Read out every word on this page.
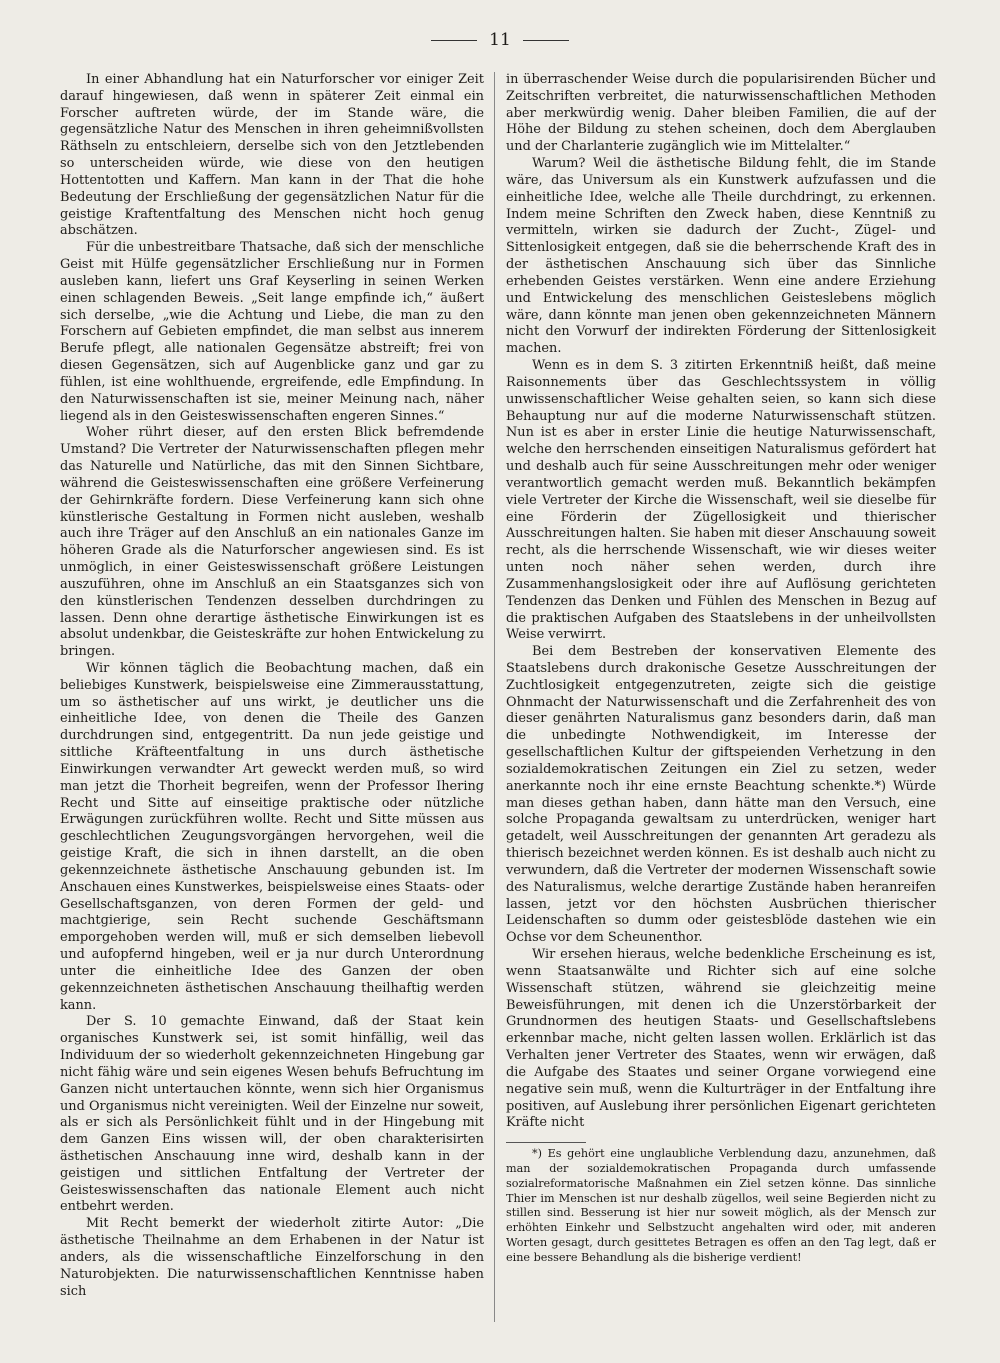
11

In einer Abhandlung hat ein Naturforscher vor einiger Zeit darauf hingewiesen, daß wenn in späterer Zeit einmal ein Forscher auftreten würde, der im Stande wäre, die gegensätzliche Natur des Menschen in ihren geheimnißvollsten Räthseln zu entschleiern, derselbe sich von den Jetztlebenden so unterscheiden würde, wie diese von den heutigen Hottentotten und Kaffern. Man kann in der That die hohe Bedeutung der Erschließung der gegensätzlichen Natur für die geistige Kraftentfaltung des Menschen nicht hoch genug abschätzen.

Für die unbestreitbare Thatsache, daß sich der menschliche Geist mit Hülfe gegensätzlicher Erschließung nur in Formen ausleben kann, liefert uns Graf Keyserling in seinen Werken einen schlagenden Beweis. „Seit lange empfinde ich,“ äußert sich derselbe, „wie die Achtung und Liebe, die man zu den Forschern auf Gebieten empfindet, die man selbst aus innerem Berufe pflegt, alle nationalen Gegensätze abstreift; frei von diesen Gegensätzen, sich auf Augenblicke ganz und gar zu fühlen, ist eine wohlthuende, ergreifende, edle Empfindung. In den Naturwissenschaften ist sie, meiner Meinung nach, näher liegend als in den Geisteswissenschaften engeren Sinnes.“

Woher rührt dieser, auf den ersten Blick befremdende Umstand? Die Vertreter der Naturwissenschaften pflegen mehr das Naturelle und Natürliche, das mit den Sinnen Sichtbare, während die Geisteswissenschaften eine größere Verfeinerung der Gehirnkräfte fordern. Diese Verfeinerung kann sich ohne künstlerische Gestaltung in Formen nicht ausleben, weshalb auch ihre Träger auf den Anschluß an ein nationales Ganze im höheren Grade als die Naturforscher angewiesen sind. Es ist unmöglich, in einer Geisteswissenschaft größere Leistungen auszuführen, ohne im Anschluß an ein Staatsganzes sich von den künstlerischen Tendenzen desselben durchdringen zu lassen. Denn ohne derartige ästhetische Einwirkungen ist es absolut undenkbar, die Geisteskräfte zur hohen Entwickelung zu bringen.

Wir können täglich die Beobachtung machen, daß ein beliebiges Kunstwerk, beispielsweise eine Zimmerausstattung, um so ästhetischer auf uns wirkt, je deutlicher uns die einheitliche Idee, von denen die Theile des Ganzen durchdrungen sind, entgegentritt. Da nun jede geistige und sittliche Kräfteentfaltung in uns durch ästhetische Einwirkungen verwandter Art geweckt werden muß, so wird man jetzt die Thorheit begreifen, wenn der Professor Ihering Recht und Sitte auf einseitige praktische oder nützliche Erwägungen zurückführen wollte. Recht und Sitte müssen aus geschlechtlichen Zeugungsvorgängen hervorgehen, weil die geistige Kraft, die sich in ihnen darstellt, an die oben gekennzeichnete ästhetische Anschauung gebunden ist. Im Anschauen eines Kunstwerkes, beispielsweise eines Staats- oder Gesellschaftsganzen, von deren Formen der geld- und machtgierige, sein Recht suchende Geschäftsmann emporgehoben werden will, muß er sich demselben liebevoll und aufopfernd hingeben, weil er ja nur durch Unterordnung unter die einheitliche Idee des Ganzen der oben gekennzeichneten ästhetischen Anschauung theilhaftig werden kann.

Der S. 10 gemachte Einwand, daß der Staat kein organisches Kunstwerk sei, ist somit hinfällig, weil das Individuum der so wiederholt gekennzeichneten Hingebung gar nicht fähig wäre und sein eigenes Wesen behufs Befruchtung im Ganzen nicht untertauchen könnte, wenn sich hier Organismus und Organismus nicht vereinigten. Weil der Einzelne nur soweit, als er sich als Persönlichkeit fühlt und in der Hingebung mit dem Ganzen Eins wissen will, der oben charakterisirten ästhetischen Anschauung inne wird, deshalb kann in der geistigen und sittlichen Entfaltung der Vertreter der Geisteswissenschaften das nationale Element auch nicht entbehrt werden.

Mit Recht bemerkt der wiederholt zitirte Autor: „Die ästhetische Theilnahme an dem Erhabenen in der Natur ist anders, als die wissenschaftliche Einzelforschung in den Naturobjekten. Die naturwissenschaftlichen Kenntnisse haben sich

in überraschender Weise durch die popularisirenden Bücher und Zeitschriften verbreitet, die naturwissenschaftlichen Methoden aber merkwürdig wenig. Daher bleiben Familien, die auf der Höhe der Bildung zu stehen scheinen, doch dem Aberglauben und der Charlanterie zugänglich wie im Mittelalter.“

Warum? Weil die ästhetische Bildung fehlt, die im Stande wäre, das Universum als ein Kunstwerk aufzufassen und die einheitliche Idee, welche alle Theile durchdringt, zu erkennen. Indem meine Schriften den Zweck haben, diese Kenntniß zu vermitteln, wirken sie dadurch der Zucht-, Zügel- und Sittenlosigkeit entgegen, daß sie die beherrschende Kraft des in der ästhetischen Anschauung sich über das Sinnliche erhebenden Geistes verstärken. Wenn eine andere Erziehung und Entwickelung des menschlichen Geisteslebens möglich wäre, dann könnte man jenen oben gekennzeichneten Männern nicht den Vorwurf der indirekten Förderung der Sittenlosigkeit machen.

Wenn es in dem S. 3 zitirten Erkenntniß heißt, daß meine Raisonnements über das Geschlechtssystem in völlig unwissenschaftlicher Weise gehalten seien, so kann sich diese Behauptung nur auf die moderne Naturwissenschaft stützen. Nun ist es aber in erster Linie die heutige Naturwissenschaft, welche den herrschenden einseitigen Naturalismus gefördert hat und deshalb auch für seine Ausschreitungen mehr oder weniger verantwortlich gemacht werden muß. Bekanntlich bekämpfen viele Vertreter der Kirche die Wissenschaft, weil sie dieselbe für eine Förderin der Zügellosigkeit und thierischer Ausschreitungen halten. Sie haben mit dieser Anschauung soweit recht, als die herrschende Wissenschaft, wie wir dieses weiter unten noch näher sehen werden, durch ihre Zusammenhangslosigkeit oder ihre auf Auflösung gerichteten Tendenzen das Denken und Fühlen des Menschen in Bezug auf die praktischen Aufgaben des Staatslebens in der unheilvollsten Weise verwirrt.

Bei dem Bestreben der konservativen Elemente des Staatslebens durch drakonische Gesetze Ausschreitungen der Zuchtlosigkeit entgegenzutreten, zeigte sich die geistige Ohnmacht der Naturwissenschaft und die Zerfahrenheit des von dieser genährten Naturalismus ganz besonders darin, daß man die unbedingte Nothwendigkeit, im Interesse der gesellschaftlichen Kultur der giftspeienden Verhetzung in den sozialdemokratischen Zeitungen ein Ziel zu setzen, weder anerkannte noch ihr eine ernste Beachtung schenkte.*) Würde man dieses gethan haben, dann hätte man den Versuch, eine solche Propaganda gewaltsam zu unterdrücken, weniger hart getadelt, weil Ausschreitungen der genannten Art geradezu als thierisch bezeichnet werden können. Es ist deshalb auch nicht zu verwundern, daß die Vertreter der modernen Wissenschaft sowie des Naturalismus, welche derartige Zustände haben heranreifen lassen, jetzt vor den höchsten Ausbrüchen thierischer Leidenschaften so dumm oder geistesblöde dastehen wie ein Ochse vor dem Scheunenthor.

Wir ersehen hieraus, welche bedenkliche Erscheinung es ist, wenn Staatsanwälte und Richter sich auf eine solche Wissenschaft stützen, während sie gleichzeitig meine Beweisführungen, mit denen ich die Unzerstörbarkeit der Grundnormen des heutigen Staats- und Gesellschaftslebens erkennbar mache, nicht gelten lassen wollen. Erklärlich ist das Verhalten jener Vertreter des Staates, wenn wir erwägen, daß die Aufgabe des Staates und seiner Organe vorwiegend eine negative sein muß, wenn die Kulturträger in der Entfaltung ihre positiven, auf Auslebung ihrer persönlichen Eigenart gerichteten Kräfte nicht

*) Es gehört eine unglaubliche Verblendung dazu, anzunehmen, daß man der sozialdemokratischen Propaganda durch umfassende sozialreformatorische Maßnahmen ein Ziel setzen könne. Das sinnliche Thier im Menschen ist nur deshalb zügellos, weil seine Begierden nicht zu stillen sind. Besserung ist hier nur soweit möglich, als der Mensch zur erhöhten Einkehr und Selbstzucht angehalten wird oder, mit anderen Worten gesagt, durch gesittetes Betragen es offen an den Tag legt, daß er eine bessere Behandlung als die bisherige verdient!
